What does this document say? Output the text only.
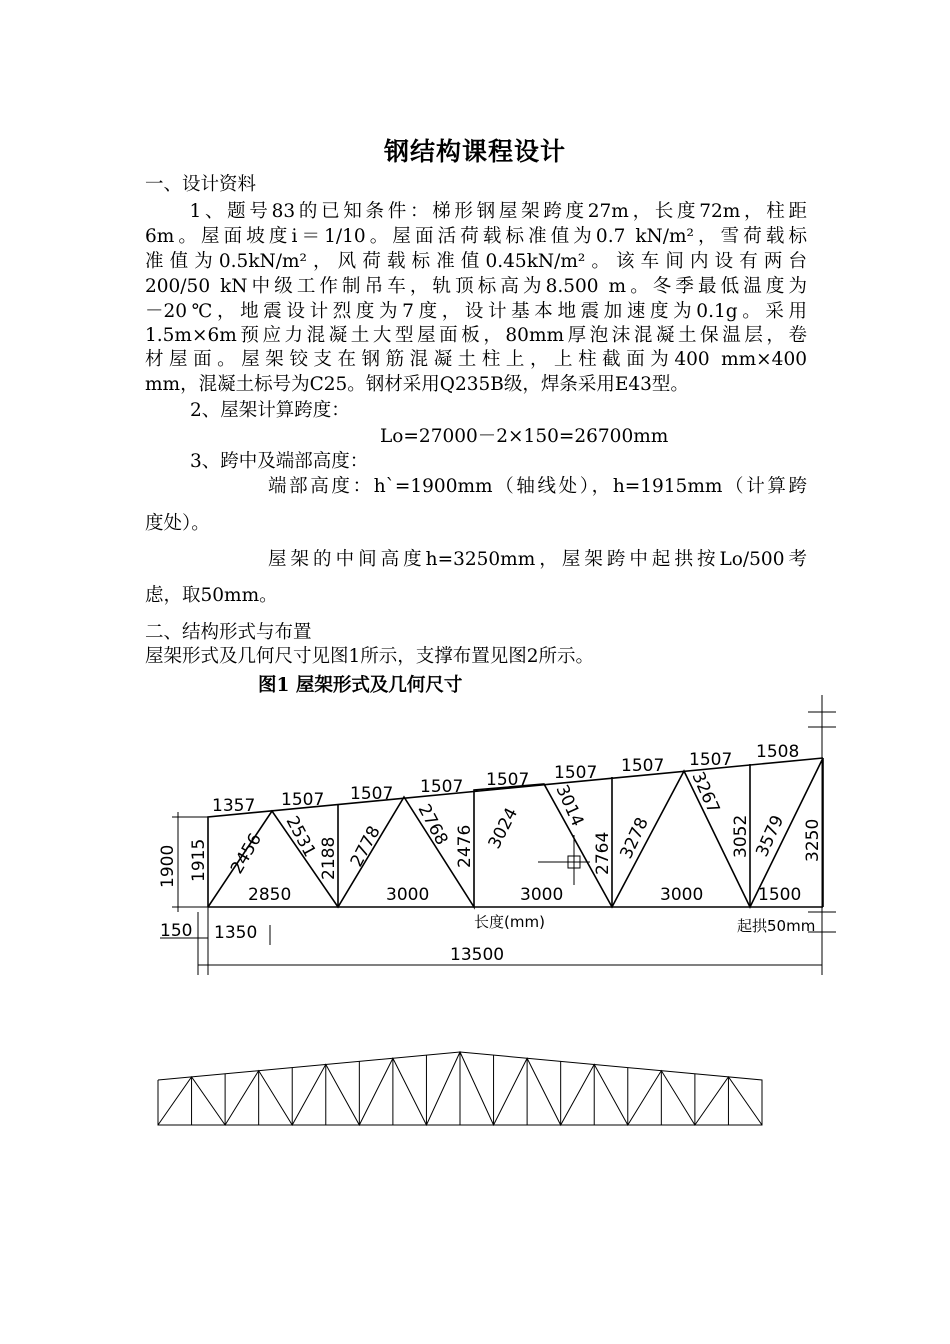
钢结构课程设计
一、设计资料
　　1、题号83的已知条件：梯形钢屋架跨度27m，长度72m，柱距
6m。屋面坡度i＝1/10。屋面活荷载标准值为0.7 kN/m²，雪荷载标
准值为0.5kN/m²，风荷载标准值0.45kN/m²。该车间内设有两台
200/50 kN中级工作制吊车，轨顶标高为8.500 m。冬季最低温度为
－20℃，地震设计烈度为7度，设计基本地震加速度为0.1g。采用
1.5m×6m预应力混凝土大型屋面板，80mm厚泡沫混凝土保温层，卷
材屋面。屋架铰支在钢筋混凝土柱上，上柱截面为400 mm×400
mm，混凝土标号为C25。钢材采用Q235B级，焊条采用E43型。
2、屋架计算跨度：
Lo=27000－2×150=26700mm
3、跨中及端部高度：
端部高度：h`=1900mm（轴线处），h=1915mm（计算跨
度处）。
屋架的中间高度h=3250mm，屋架跨中起拱按Lo/500考
虑，取50mm。
二、结构形式与布置
屋架形式及几何尺寸见图1所示，支撑布置见图2所示。
图1 屋架形式及几何尺寸
1357 1507 1507 1507 1507 1507 1507 1507 1508
1915 2456 2531 2188 2778 2768 2476 3024 3014
2764 3278
3267
3052 3579 3250
2850	3000	3000	3000	1500
1900
150 1350
13500
长度(mm)	起拱50mm
